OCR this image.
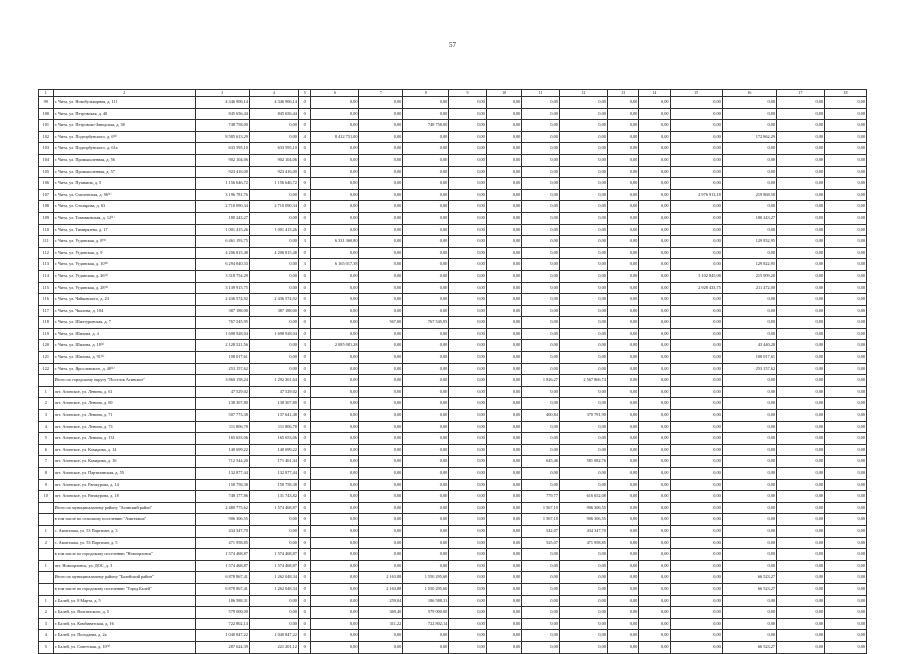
57
1	2	3	4	5	6	7	8	9	10	11	12	13	14	15	16	17	18
99	г. Чита, ул. Новобульварная, д. 111	4 346 906,14	4 346 906,14	0	0,00	0,00	0,00	0,00	0,00	0,00	0,00	0,00	0,00	0,00	0,00	0,00	0,00
100	г. Чита, ул. Петровская, д. 40	845 656,44	845 656,44	0	0,00	0,00	0,00	0,00	0,00	0,00	0,00	0,00	0,00	0,00	0,00	0,00	0,00
101	г. Чита, ул. Петровско-Заводская, д. 38	748 758,00	0,00	0	0,00	0,00	748 758,00	0,00	0,00	0,00	0,00	0,00	0,00	0,00	0,00	0,00	0,00
102	г. Чита, ул. Подгорбунского, д. 6⁽⁹⁾	8 585 613,29	0,00	4	8 412 751,00	0,00	0,00	0,00	0,00	0,00	0,00	0,00	0,00	0,00	172 862,29	0,00	0,00
103	г. Чита, ул. Подгорбунского, д. 61а	633 595,10	633 595,10	0	0,00	0,00	0,00	0,00	0,00	0,00	0,00	0,00	0,00	0,00	0,00	0,00	0,00
104	г. Чита, ул. Промышленная, д. 56	902 104,06	902 104,06	0	0,00	0,00	0,00	0,00	0,00	0,00	0,00	0,00	0,00	0,00	0,00	0,00	0,00
105	г. Чита, ул. Промышленная, д. 57	923 416,00	923 416,00	0	0,00	0,00	0,00	0,00	0,00	0,00	0,00	0,00	0,00	0,00	0,00	0,00	0,00
106	г. Чита, ул. Пушкина, д. 5	1 156 646,72	1 156 646,72	0	0,00	0,00	0,00	0,00	0,00	0,00	0,00	0,00	0,00	0,00	0,00	0,00	0,00
107	г. Чита, ул. Смоленская, д. 96⁽¹⁾	3 196 781,76	0,00	0	0,00	0,00	0,00	0,00	0,00	0,00	0,00	0,00	0,00	2 976 913,18	219 868,58	0,00	0,00
108	г. Чита, ул. Столярова, д. 63	2 710 090,34	2 710 090,34	0	0,00	0,00	0,00	0,00	0,00	0,00	0,00	0,00	0,00	0,00	0,00	0,00	0,00
109	г. Чита, ул. Токмаковская, д. 12⁽¹⁾	180 243,27	0,00	0	0,00	0,00	0,00	0,00	0,00	0,00	0,00	0,00	0,00	0,00	180 243,27	0,00	0,00
110	г. Чита, ул. Тимирязева, д. 17	1 001 415,26	1 001 415,26	0	0,00	0,00	0,00	0,00	0,00	0,00	0,00	0,00	0,00	0,00	0,00	0,00	0,00
111	г. Чита, ул. Угданская, д. 8⁽⁹⁾	6 461 193,75	0,00	3	6 331 360,80	0,00	0,00	0,00	0,00	0,00	0,00	0,00	0,00	0,00	129 832,95	0,00	0,00
112	г. Чита, ул. Угданская, д. 9	4 206 815,48	4 206 815,48	0	0,00	0,00	0,00	0,00	0,00	0,00	0,00	0,00	0,00	0,00	0,00	0,00	0,00
113	г. Чита, ул. Угданская, д. 10⁽⁹⁾	6 294 840,33	0,00	3	6 165 017,38	0,00	0,00	0,00	0,00	0,00	0,00	0,00	0,00	0,00	129 822,95	0,00	0,00
114	г. Чита, ул. Угданская, д. 26⁽¹⁾	3 318 754,29	0,00	0	0,00	0,00	0,00	0,00	0,00	0,00	0,00	0,00	0,00	3 102 845,08	215 909,20	0,00	0,00
115	г. Чита, ул. Угданская, д. 28⁽¹⁾	3 139 915,75	0,00	0	0,00	0,00	0,00	0,00	0,00	0,00	0,00	0,00	0,00	2 928 433,75	211 472,00	0,00	0,00
116	г. Чита, ул. Чайковского, д. 23	2 436 574,92	2 436 574,92	0	0,00	0,00	0,00	0,00	0,00	0,00	0,00	0,00	0,00	0,00	0,00	0,00	0,00
117	г. Чита, ул. Чкалова, д. 104	387 188,00	387 188,00	0	0,00	0,00	0,00	0,00	0,00	0,00	0,00	0,00	0,00	0,00	0,00	0,00	0,00
118	г. Чита, ул. Шилтуровская, д. 7	767 545,95	0,00	0	0,00	567,00	767 545,95	0,00	0,00	0,00	0,00	0,00	0,00	0,00	0,00	0,00	0,00
119	г. Чита, ул. Шилова, д. 4	1 698 928,04	1 698 928,04	0	0,00	0,00	0,00	0,00	0,00	0,00	0,00	0,00	0,00	0,00	0,00	0,00	0,00
120	г. Чита, ул. Шилова, д. 18⁽¹⁾	2 128 521,56	0,00	3	2 085 081,28	0,00	0,00	0,00	0,00	0,00	0,00	0,00	0,00	0,00	43 440,28	0,00	0,00
121	г. Чита, ул. Шилова, д. 91⁽¹⁾	108 017,61	0,00	0	0,00	0,00	0,00	0,00	0,00	0,00	0,00	0,00	0,00	0,00	108 017,61	0,00	0,00
122	г. Чита, ул. Ярославского, д. 40⁽¹⁾	253 157,62	0,00	0	0,00	0,00	0,00	0,00	0,00	0,00	0,00	0,00	0,00	0,00	253 157,62	0,00	0,00
	Итого по городскому округу "Поселок Агинское"	3 860 158,24	1 292 361,64	0	0,00	0,00	0,00	0,00	0,00	1 826,27	2 567 866,74	0,00	0,00	0,00	0,00	0,00	0,00
1	пгт. Агинское, ул. Ленина, д. 61	47 529,02	47 529,02	0	0,00	0,00	0,00	0,00	0,00	0,00	0,00	0,00	0,00	0,00	0,00	0,00	0,00
2	пгт. Агинское, ул. Ленина, д. 69	138 307,80	138 307,80	0	0,00	0,00	0,00	0,00	0,00	0,00	0,00	0,00	0,00	0,00	0,00	0,00	0,00
3	пгт. Агинское, ул. Ленина, д. 71	507 773,38	137 641,48	0	0,00	0,00	0,00	0,00	0,00	400,84	370 791,90	0,00	0,00	0,00	0,00	0,00	0,00
4	пгт. Агинское, ул. Ленина, д. 73	111 806,78	111 806,78	0	0,00	0,00	0,00	0,00	0,00	0,00	0,00	0,00	0,00	0,00	0,00	0,00	0,00
5	пгт. Агинское, ул. Ленина, д. 131	165 653,06	165 653,06	0	0,00	0,00	0,00	0,00	0,00	0,00	0,00	0,00	0,00	0,00	0,00	0,00	0,00
6	пгт. Агинское, ул. Комарова, д. 14	140 699,22	140 699,22	0	0,00	0,00	0,00	0,00	0,00	0,00	0,00	0,00	0,00	0,00	0,00	0,00	0,00
7	пгт. Агинское, ул. Комарова, д. 16	712 544,20	171 461,44	0	0,00	0,00	0,00	0,00	0,00	645,46	581 082,76	0,00	0,00	0,00	0,00	0,00	0,00
8	пгт. Агинское, ул. Партизанская, д. 55	132 877,44	132 877,44	0	0,00	0,00	0,00	0,00	0,00	0,00	0,00	0,00	0,00	0,00	0,00	0,00	0,00
9	пгт. Агинское, ул. Ранжурова, д. 14	158 758,38	158 758,38	0	0,00	0,00	0,00	0,00	0,00	0,00	0,00	0,00	0,00	0,00	0,00	0,00	0,00
10	пгт. Агинское, ул. Ранжурова, д. 18	748 177,86	131 743,82	0	0,00	0,00	0,00	0,00	0,00	779,77	616 652,08	0,00	0,00	0,00	0,00	0,00	0,00
	Итого по муниципальному району "Агинский район"	2 480 775,62	1 574 468,87	0	0,00	0,00	0,00	0,00	0,00	1 567,10	906 306,55	0,00	0,00	0,00	0,00	0,00	0,00
	в том числе по сельскому поселению "Амитхаша"	906 306,55	0,00	0	0,00	0,00	0,00	0,00	0,00	1 567,10	906 306,55	0,00	0,00	0,00	0,00	0,00	0,00
1	с. Амитхаша, ул. 53 Партизан, д. 3	434 347,70	0,00	0	0,00	0,00	0,00	0,00	0,00	542,07	434 347,70	0,00	0,00	0,00	0,00	0,00	0,00
2	с. Амитхаша, ул. 53 Партизан, д. 5	471 958,85	0,00	0	0,00	0,00	0,00	0,00	0,00	525,07	471 958,85	0,00	0,00	0,00	0,00	0,00	0,00
	в том числе по городскому поселению "Новоорловск"	1 574 468,87	1 574 468,87	0	0,00	0,00	0,00	0,00	0,00	0,00	0,00	0,00	0,00	0,00	0,00	0,00	0,00
1	пгт. Новоорловск, ул. ДОС, д. 3	1 574 468,87	1 574 468,87	0	0,00	0,00	0,00	0,00	0,00	0,00	0,00	0,00	0,00	0,00	0,00	0,00	0,00
	Итого по муниципальному району "Балейский район"	6 878 867,41	1 262 048,34	0	0,00	2 163,88	1 550 295,60	0,00	0,00	0,00	0,00	0,00	0,00	0,00	66 523,27	0,00	0,00
	в том числе по городскому поселению "Город Балей"	6 878 867,41	1 262 048,34	0	0,00	2 163,88	1 550 295,60	0,00	0,00	0,00	0,00	0,00	0,00	0,00	66 523,27	0,00	0,00
1	г. Балей, ул. 8 Марта, д. 5	186 588,31	0,00	0	0,00	259,04	186 588,31	0,00	0,00	0,00	0,00	0,00	0,00	0,00	0,00	0,00	0,00
2	г. Балей, ул. Волгинского, д. 5	579 000,00	0,00	0	0,00	369,40	579 000,00	0,00	0,00	0,00	0,00	0,00	0,00	0,00	0,00	0,00	0,00
3	г. Балей, ул. Комбинатская, д. 16	722 802,14	0,00	0	0,00	311,22	722 802,14	0,00	0,00	0,00	0,00	0,00	0,00	0,00	0,00	0,00	0,00
4	г. Балей, ул. Погодаева, д. 2а	1 040 847,22	1 040 847,22	0	0,00	0,00	0,00	0,00	0,00	0,00	0,00	0,00	0,00	0,00	0,00	0,00	0,00
5	г. Балей, ул. Советская, д. 10⁽¹⁾	287 624,39	221 201,12	0	0,00	0,00	0,00	0,00	0,00	0,00	0,00	0,00	0,00	0,00	66 523,27	0,00	0,00
